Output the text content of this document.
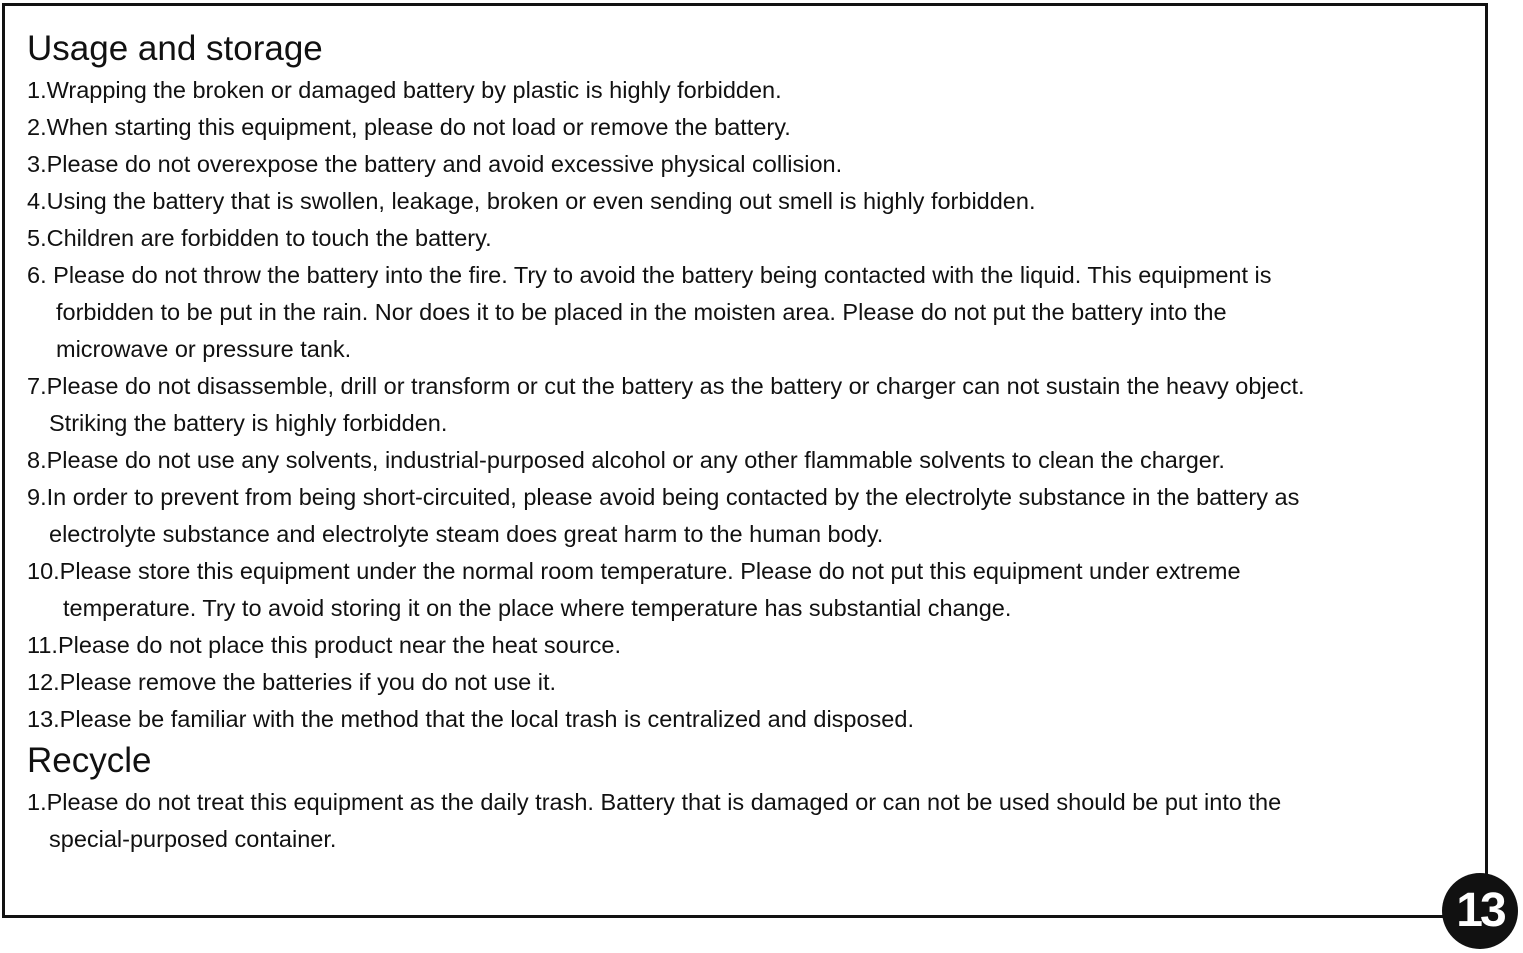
Usage and storage
1.Wrapping the broken or damaged battery by plastic is highly forbidden.
2.When starting this equipment, please do not load or remove the battery.
3.Please do not overexpose the battery and avoid excessive physical collision.
4.Using the battery that is swollen, leakage, broken or even sending out smell is highly forbidden.
5.Children are forbidden to touch the battery.
6. Please do not throw the battery into the fire. Try to avoid the battery being contacted with the liquid. This equipment is
forbidden to be put in the rain. Nor does it to be placed in the moisten area. Please do not put the battery into the
microwave or pressure tank.
7.Please do not disassemble, drill or transform or cut the battery as the battery or charger can not sustain the heavy object.
Striking the battery is highly forbidden.
8.Please do not use any solvents, industrial-purposed alcohol or any other flammable solvents to clean the charger.
9.In order to prevent from being short-circuited, please avoid being contacted by the electrolyte substance in the battery as
electrolyte substance and electrolyte steam does great harm to the human body.
10.Please store this equipment under the normal room temperature. Please do not put this equipment under extreme
temperature. Try to avoid storing it on the place where temperature has substantial change.
11.Please do not place this product near the heat source.
12.Please remove the batteries if you do not use it.
13.Please be familiar with the method that the local trash is centralized and disposed.
Recycle
1.Please do not treat this equipment as the daily trash. Battery that is damaged or can not be used should be put into the
special-purposed container.
13
